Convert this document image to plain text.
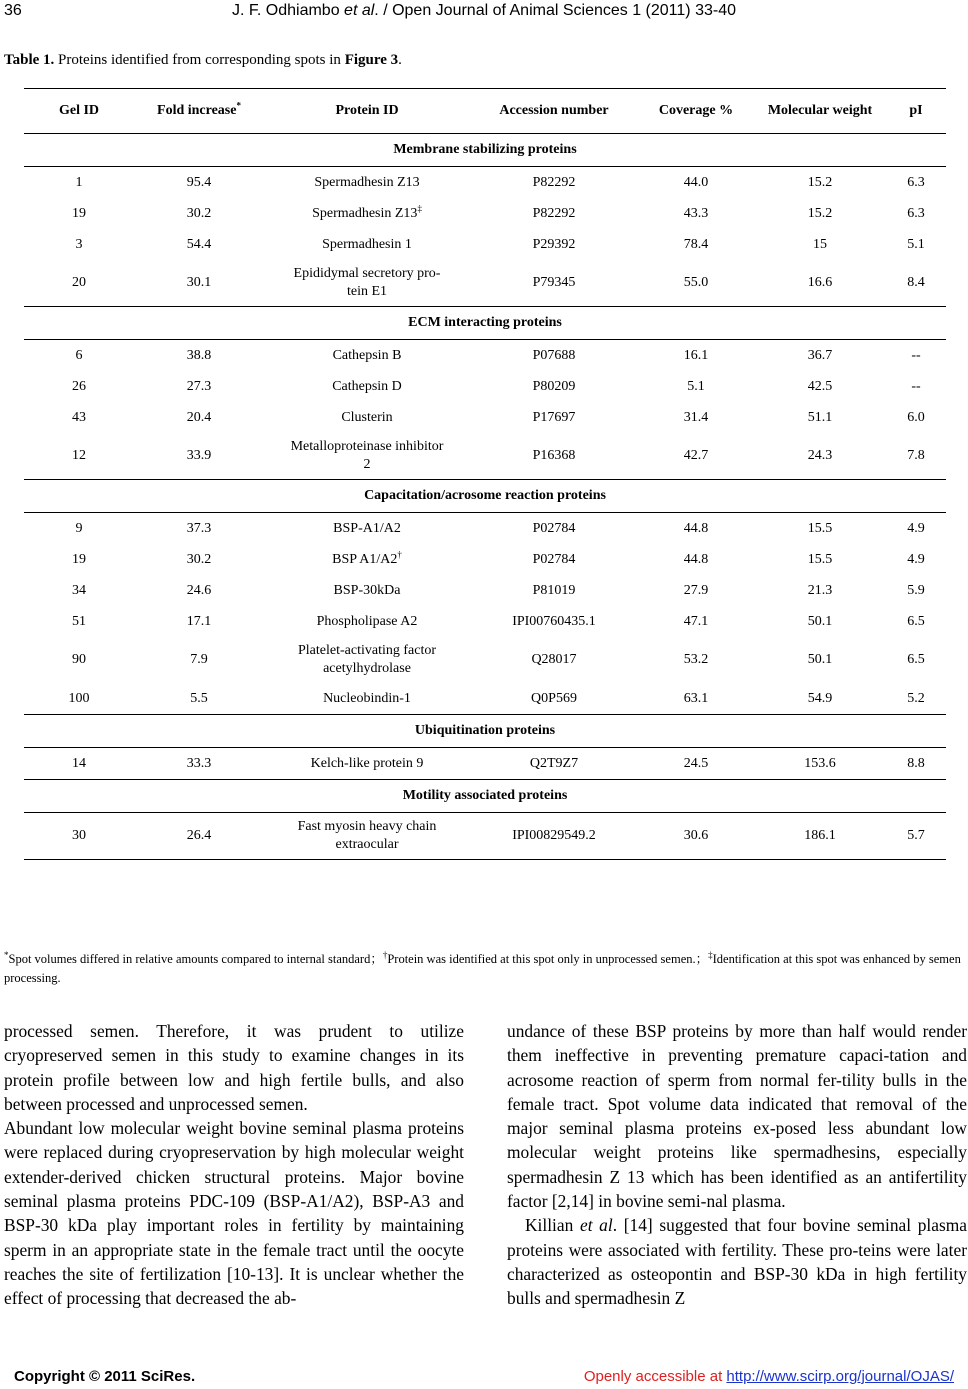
36	J. F. Odhiambo et al. / Open Journal of Animal Sciences 1 (2011) 33-40
Table 1. Proteins identified from corresponding spots in Figure 3.
Gel ID	Fold increase*	Protein ID	Accession number	Coverage %	Molecular weight	pI
Membrane stabilizing proteins						
1	95.4	Spermadhesin Z13	P82292	44.0	15.2	6.3
19	30.2	Spermadhesin Z13‡	P82292	43.3	15.2	6.3
3	54.4	Spermadhesin 1	P29392	78.4	15	5.1
20	30.1	Epididymal secretory pro-tein E1	P79345	55.0	16.6	8.4
ECM interacting proteins						
6	38.8	Cathepsin B	P07688	16.1	36.7	--
26	27.3	Cathepsin D	P80209	5.1	42.5	--
43	20.4	Clusterin	P17697	31.4	51.1	6.0
12	33.9	Metalloproteinase inhibitor 2	P16368	42.7	24.3	7.8
Capacitation/acrosome reaction proteins						
9	37.3	BSP-A1/A2	P02784	44.8	15.5	4.9
19	30.2	BSP A1/A2†	P02784	44.8	15.5	4.9
34	24.6	BSP-30kDa	P81019	27.9	21.3	5.9
51	17.1	Phospholipase A2	IPI00760435.1	47.1	50.1	6.5
90	7.9	Platelet-activating factor acetylhydrolase	Q28017	53.2	50.1	6.5
100	5.5	Nucleobindin-1	Q0P569	63.1	54.9	5.2
Ubiquitination proteins						
14	33.3	Kelch-like protein 9	Q2T9Z7	24.5	153.6	8.8
Motility associated proteins						
30	26.4	Fast myosin heavy chain extraocular	IPI00829549.2	30.6	186.1	5.7
*Spot volumes differed in relative amounts compared to internal standard；†Protein was identified at this spot only in unprocessed semen.；‡Identification at this spot was enhanced by semen processing.

processed semen. Therefore, it was prudent to utilize cryopreserved semen in this study to examine changes in its protein profile between low and high fertile bulls, and also between processed and unprocessed semen.

Abundant low molecular weight bovine seminal plasma proteins were replaced during cryopreservation by high molecular weight extender-derived chicken structural proteins. Major bovine seminal plasma proteins PDC-109 (BSP-A1/A2), BSP-A3 and BSP-30 kDa play important roles in fertility by maintaining sperm in an appropriate state in the female tract until the oocyte reaches the site of fertilization [10-13]. It is unclear whether the effect of processing that decreased the ab-

undance of these BSP proteins by more than half would render them ineffective in preventing premature capaci-tation and acrosome reaction of sperm from normal fer-tility bulls in the female tract. Spot volume data indicated that removal of the major seminal plasma proteins ex-posed less abundant low molecular weight proteins like spermadhesins, especially spermadhesin Z 13 which has been identified as an antifertility factor [2,14] in bovine semi-nal plasma.

Killian et al. [14] suggested that four bovine seminal plasma proteins were associated with fertility. These pro-teins were later characterized as osteopontin and BSP-30 kDa in high fertility bulls and spermadhesin Z

Copyright © 2011 SciRes.	Openly accessible at http://www.scirp.org/journal/OJAS/
